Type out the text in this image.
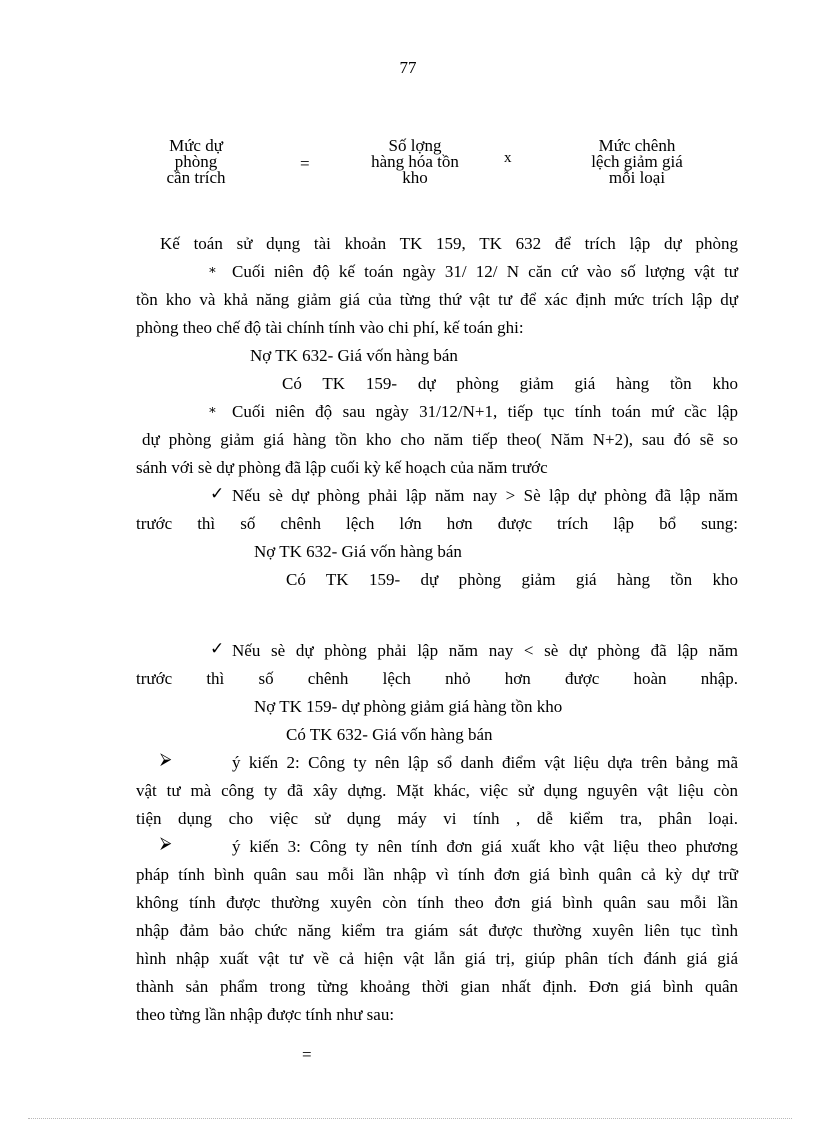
77
Mức dự
phòng
cần trích
=
Số lợng
hàng hóa tồn
kho
x
Mức chênh
lệch giảm giá
mỗi loại
Kế toán sử dụng tài khoản TK 159, TK 632 để trích lập dự phòng
∗ Cuối niên độ kế toán ngày 31/ 12/ N căn cứ vào số lượng vật tư
tồn kho và khả năng giảm giá của từng thứ vật tư để xác định mức trích lập dự
phòng theo chế độ tài chính tính vào chi phí, kế toán ghi:
Nợ TK 632- Giá vốn hàng bán
Có TK 159- dự phòng giảm giá hàng tồn kho
∗ Cuối niên độ sau ngày 31/12/N+1, tiếp tục tính toán mứ cầc lập
dự phòng giảm giá hàng tồn kho cho năm tiếp theo( Năm N+2), sau đó sẽ so
sánh với sè dự phòng đã lập cuối kỳ kế hoạch của năm trước
✓ Nếu sè dự phòng phải lập năm nay > Sè lập dự phòng đã lập năm
trước thì số chênh lệch lớn hơn được trích lập bổ sung:
Nợ TK 632- Giá vốn hàng bán
Có TK 159- dự phòng giảm giá hàng tồn kho
✓ Nếu sè dự phòng phải lập năm nay < sè dự phòng đã lập năm
trước thì số chênh lệch nhỏ hơn được hoàn nhập.
Nợ TK 159- dự phòng giảm giá hàng tồn kho
Có TK 632- Giá vốn hàng bán
⮚	ý kiến 2: Công ty nên lập sổ danh điểm vật liệu dựa trên bảng mã
vật tư mà công ty đã xây dựng. Mặt khác, việc sử dụng nguyên vật liệu còn
tiện dụng cho việc sử dụng máy vi tính , dễ kiểm tra, phân loại.
⮚	ý kiến 3: Công ty nên tính đơn giá xuất kho vật liệu theo phương
pháp tính bình quân sau mỗi lần nhập vì tính đơn giá bình quân cả kỳ dự trữ
không tính được thường xuyên còn tính theo đơn giá bình quân sau mỗi lần
nhập đảm bảo chức năng kiểm tra giám sát được thường xuyên liên tục tình
hình nhập xuất vật tư về cả hiện vật lẫn giá trị, giúp phân tích đánh giá giá
thành sản phẩm trong từng khoảng thời gian nhất định. Đơn giá bình quân
theo từng lần nhập được tính như sau:
=
